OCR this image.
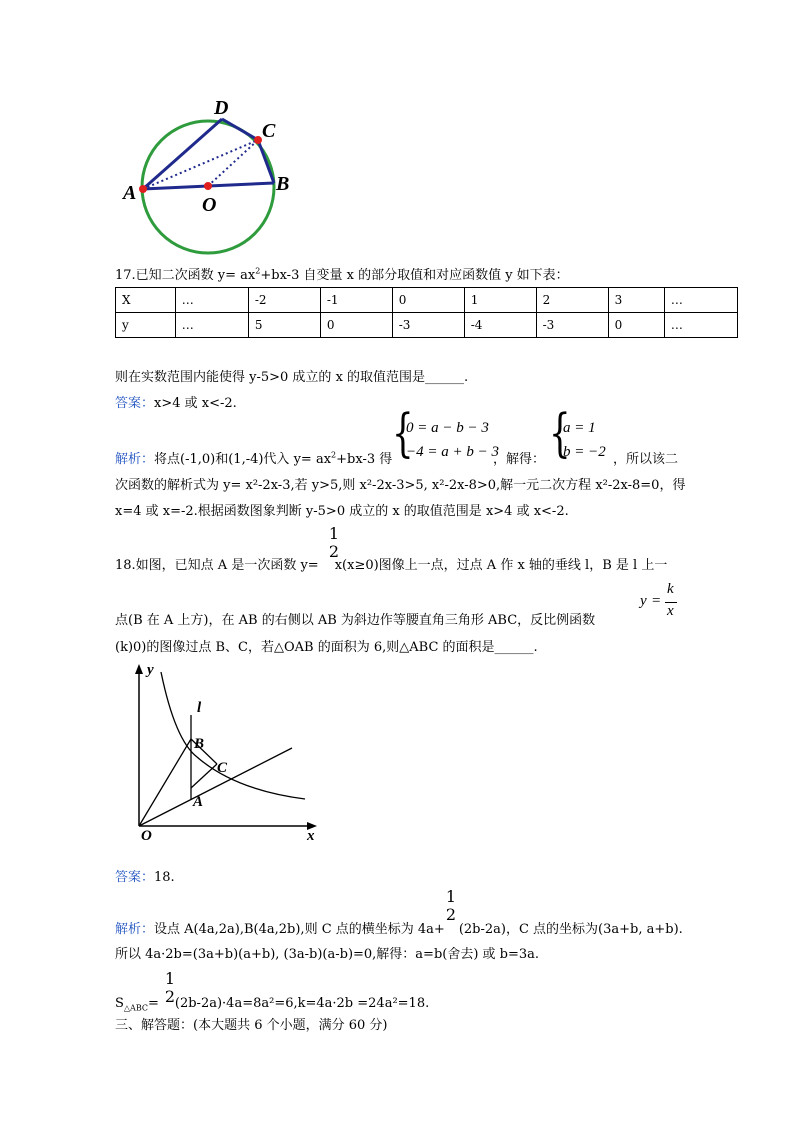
D
C
A	B
O
17.已知二次函数 $y= ax^2+bx-3$ 自变量 x 的部分取值和对应函数值 y 如下表：
X	…	-2	-1	0	1	2	3	…
y	…	5	0	-3	-4	-3	0	…
则在实数范围内能使得 y-5>0 成立的 x 的取值范围是______.
答案：x>4 或 x<-2.
解析：将点(-1,0)和(1,-4)代入 $y= ax^2+bx-3$ 得 {
0 = a − b − 3
−4 = a + b − 3
，解得： {
a = 1
b = −2 ，所以该二
次函数的解析式为 y= x²-2x-3,若 y>5,则 x²-2x-3>5, x²-2x-8>0,解一元二次方程 x²-2x-8=0，得
x=4 或 x=-2.根据函数图象判断 y-5>0 成立的 x 的取值范围是 x>4 或 x<-2.
1
2
18.如图，已知点 A 是一次函数 y= x(x≥0)图像上一点，过点 A 作 x 轴的垂线 l，B 是 l 上一
点(B 在 A 上方)，在 AB 的右侧以 AB 为斜边作等腰直角三角形 ABC，反比例函数
y =
k
x
(k)0)的图像过点 B、C，若△OAB 的面积为 6,则△ABC 的面积是______.
y
l
B
C
A
O	x
答案：18.
1
2
解析：设点 A(4a,2a),B(4a,2b),则 C 点的横坐标为 4a+ (2b-2a)，C 点的坐标为(3a+b, a+b).
所以 4a·2b=(3a+b)(a+b), (3a-b)(a-b)=0,解得：a=b(舍去) 或 b=3a.
1
2
$S_{\triangle ABC}= (2b-2a)\cdot 4a=8a^2=6,k=4a\cdot 2b =24a^2=18$.
三、解答题：(本大题共 6 个小题，满分 60 分)
